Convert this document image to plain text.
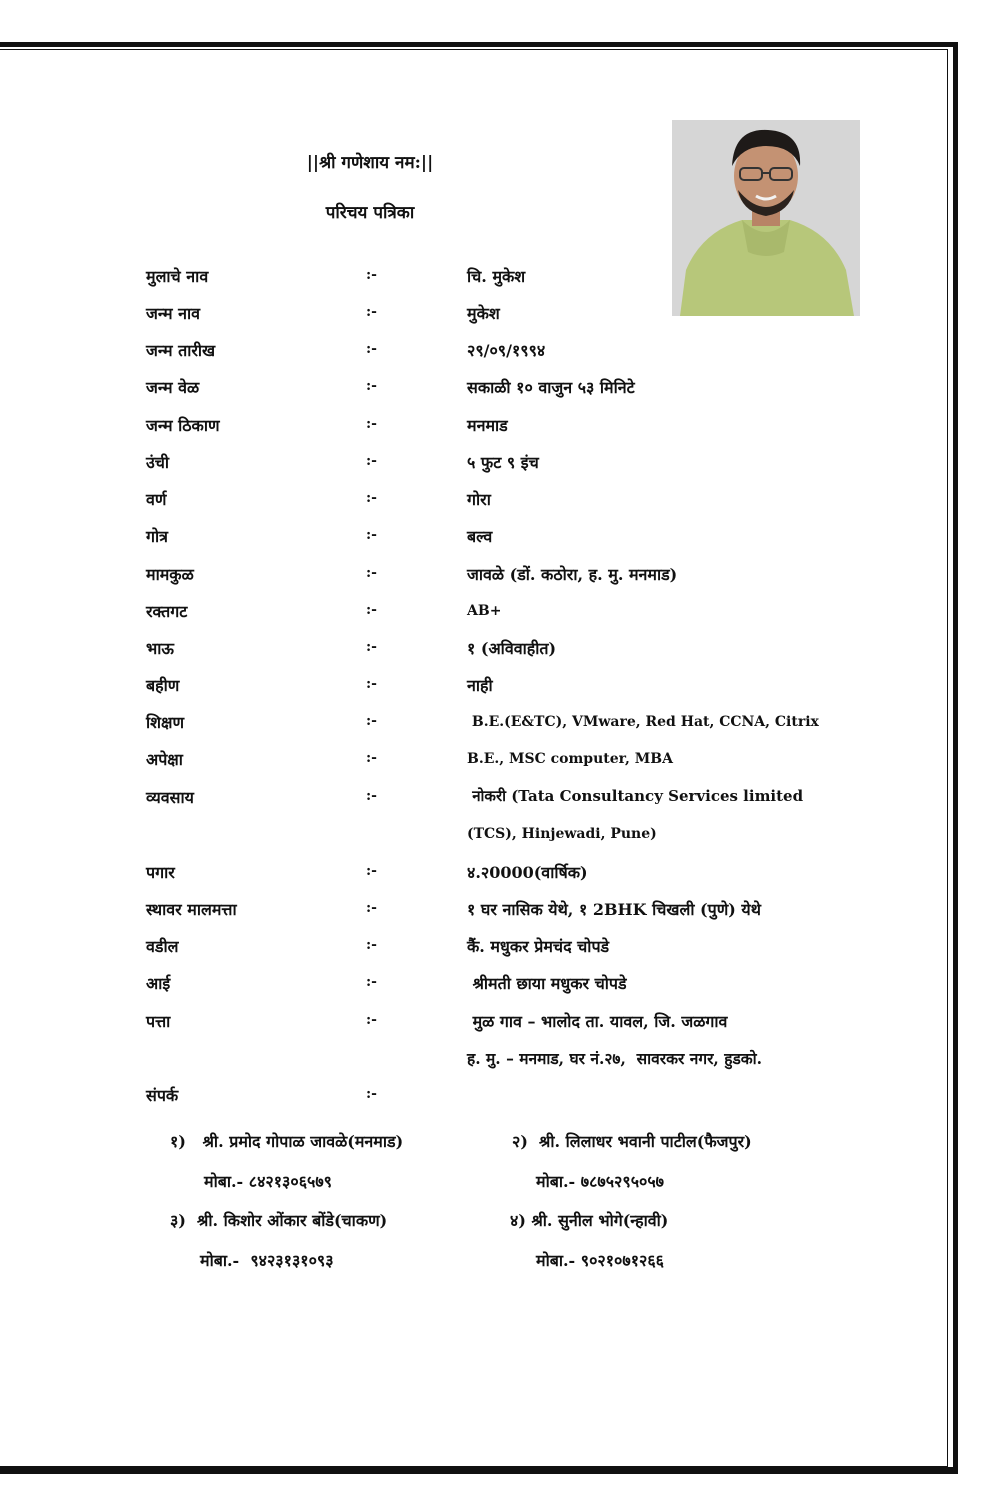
||श्री गणेशाय नम:||
परिचय पत्रिका
मुलाचे नाव	:-	चि. मुकेश
जन्म नाव	:-	मुकेश
जन्म तारीख	:-	२९/०९/१९९४
जन्म वेळ	:-	सकाळी १० वाजुन ५३ मिनिटे
जन्म ठिकाण	:-	मनमाड
उंची	:-	५ फुट ९ इंच
वर्ण	:-	गोरा
गोत्र	:-	बल्व
मामकुळ	:-	जावळे (डों. कठोरा, ह. मु. मनमाड)
रक्तगट	:-	AB+
भाऊ	:-	१ (अविवाहीत)
बहीण	:-	नाही
शिक्षण	:-	B.E.(E&TC), VMware, Red Hat, CCNA, Citrix
अपेक्षा	:-	B.E., MSC computer, MBA
व्यवसाय	:-	नोकरी (Tata Consultancy Services limited
(TCS), Hinjewadi, Pune)
पगार	:-	४.२0000(वार्षिक)
स्थावर मालमत्ता	:-	१ घर नासिक येथे, १ 2BHK चिखली (पुणे) येथे
वडील	:-	कैं. मधुकर प्रेमचंद चोपडे
आई	:-	श्रीमती छाया मधुकर चोपडे
पत्ता	:-	मुळ गाव – भालोद ता. यावल, जि. जळगाव
ह. मु. – मनमाड, घर नं.२७,  सावरकर नगर, हुडको.
संपर्क	:-
१)   श्री. प्रमोद गोपाळ जावळे(मनमाड)
मोबा.- ८४२१३०६५७९
२)  श्री. लिलाधर भवानी पाटील(फैजपुर)
मोबा.- ७८७५२९५०५७
३)  श्री. किशोर ओंकार बोंडे(चाकण)
मोबा.-  ९४२३१३१०९३
४) श्री. सुनील भोगे(न्हावी)
मोबा.- ९०२१०७१२६६
